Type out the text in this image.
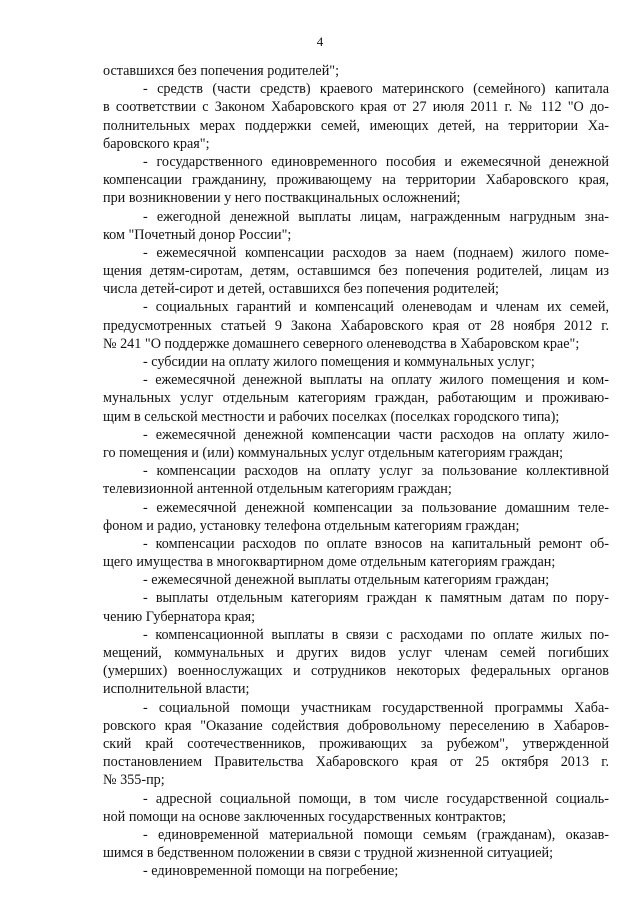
4
оставшихся без попечения родителей";
- средств (части средств) краевого материнского (семейного) капитала
в соответствии с Законом Хабаровского края от 27 июля 2011 г. № 112 "О до-
полнительных мерах поддержки семей, имеющих детей, на территории Ха-
баровского края";
- государственного единовременного пособия и ежемесячной денежной
компенсации гражданину, проживающему на территории Хабаровского края,
при возникновении у него поствакцинальных осложнений;
- ежегодной денежной выплаты лицам, награжденным нагрудным зна-
ком "Почетный донор России";
- ежемесячной компенсации расходов за наем (поднаем) жилого поме-
щения детям-сиротам, детям, оставшимся без попечения родителей, лицам из
числа детей-сирот и детей, оставшихся без попечения родителей;
- социальных гарантий и компенсаций оленеводам и членам их семей,
предусмотренных статьей 9 Закона Хабаровского края от 28 ноября 2012 г.
№ 241 "О поддержке домашнего северного оленеводства в Хабаровском крае";
- субсидии на оплату жилого помещения и коммунальных услуг;
- ежемесячной денежной выплаты на оплату жилого помещения и ком-
мунальных услуг отдельным категориям граждан, работающим и проживаю-
щим в сельской местности и рабочих поселках (поселках городского типа);
- ежемесячной денежной компенсации части расходов на оплату жило-
го помещения и (или) коммунальных услуг отдельным категориям граждан;
- компенсации расходов на оплату услуг за пользование коллективной
телевизионной антенной отдельным категориям граждан;
- ежемесячной денежной компенсации за пользование домашним теле-
фоном и радио, установку телефона отдельным категориям граждан;
- компенсации расходов по оплате взносов на капитальный ремонт об-
щего имущества в многоквартирном доме отдельным категориям граждан;
- ежемесячной денежной выплаты отдельным категориям граждан;
- выплаты отдельным категориям граждан к памятным датам по пору-
чению Губернатора края;
- компенсационной выплаты в связи с расходами по оплате жилых по-
мещений, коммунальных и других видов услуг членам семей погибших
(умерших) военнослужащих и сотрудников некоторых федеральных органов
исполнительной власти;
- социальной помощи участникам государственной программы Хаба-
ровского края "Оказание содействия добровольному переселению в Хабаров-
ский край соотечественников, проживающих за рубежом", утвержденной
постановлением Правительства Хабаровского края от 25 октября 2013 г.
№ 355-пр;
- адресной социальной помощи, в том числе государственной социаль-
ной помощи на основе заключенных государственных контрактов;
- единовременной материальной помощи семьям (гражданам), оказав-
шимся в бедственном положении в связи с трудной жизненной ситуацией;
- единовременной помощи на погребение;
